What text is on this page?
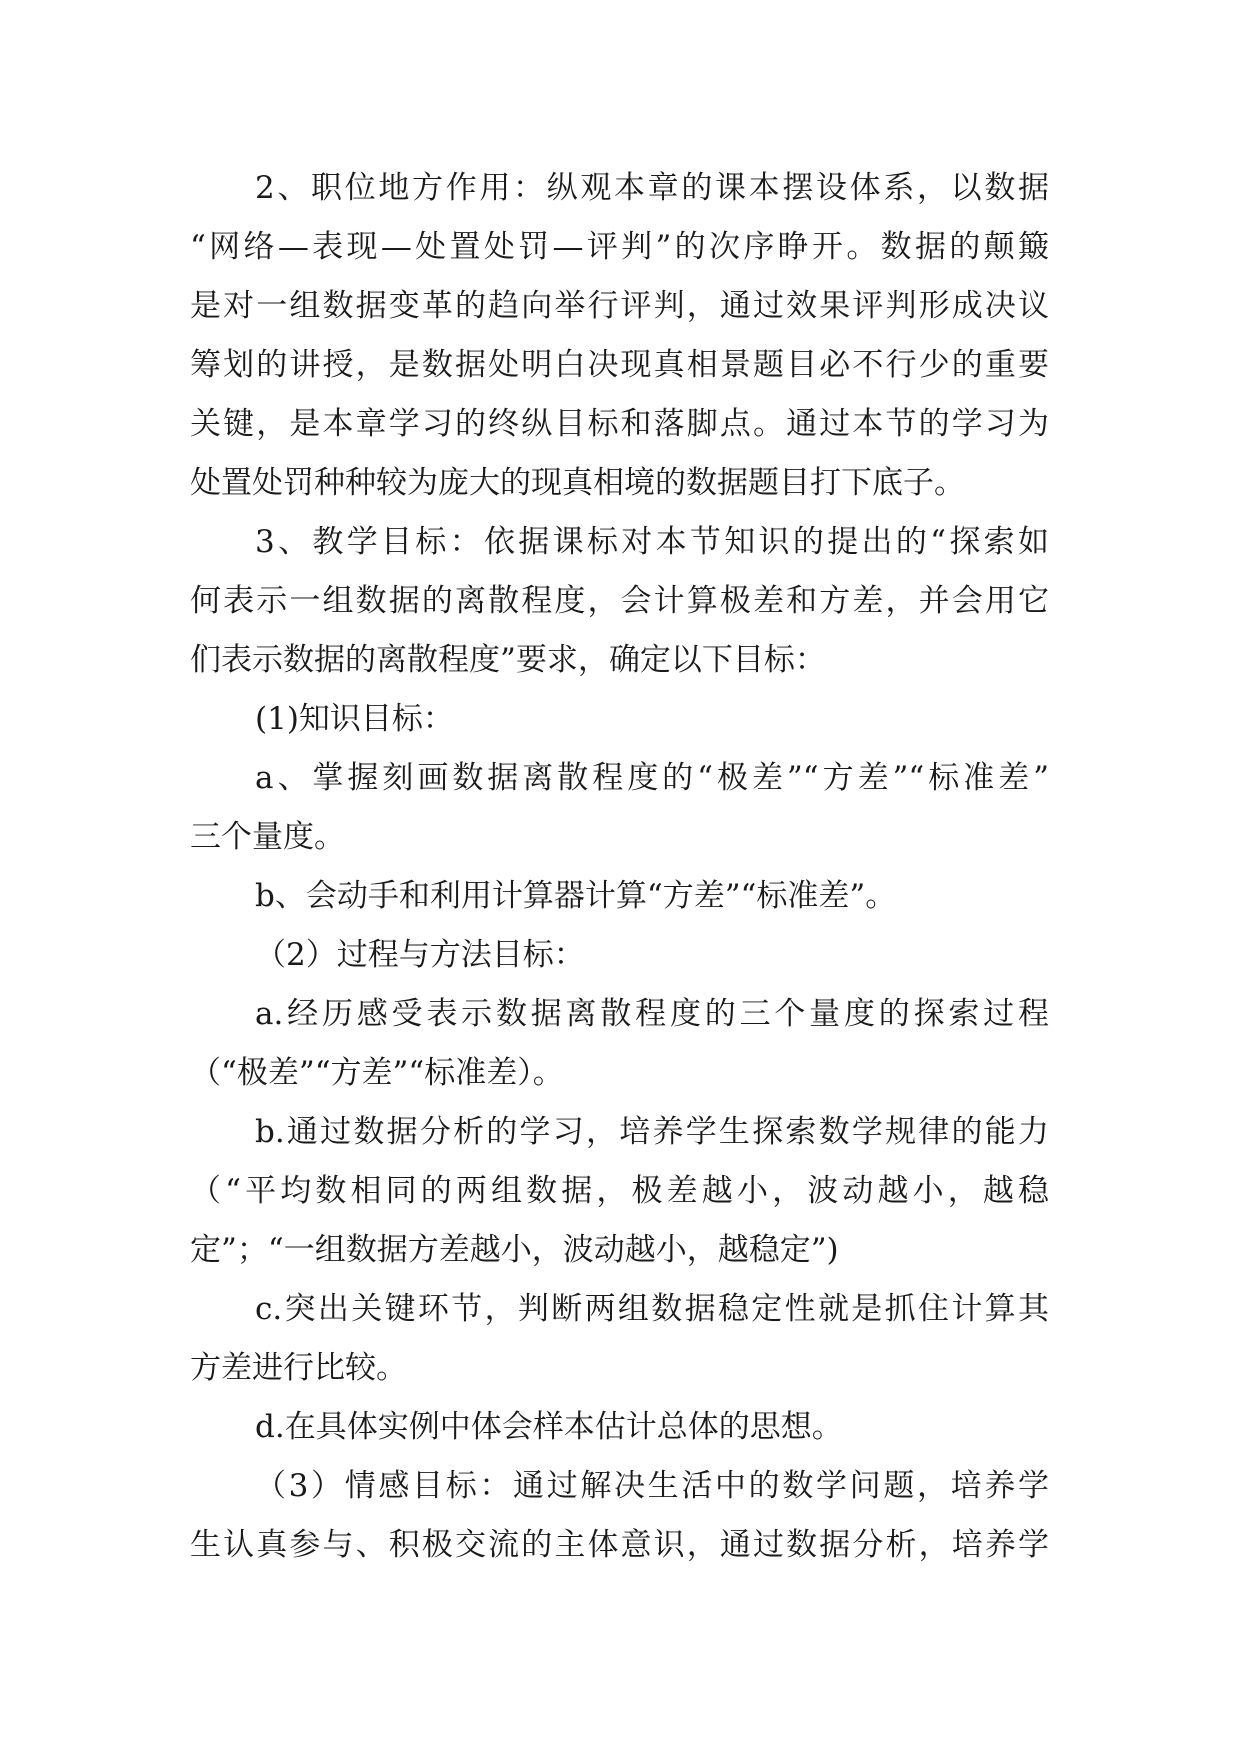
2、职位地方作用：纵观本章的课本摆设体系，以数据
“网络—表现—处置处罚—评判”的次序睁开。数据的颠簸
是对一组数据变革的趋向举行评判，通过效果评判形成决议
筹划的讲授，是数据处明白决现真相景题目必不行少的重要
关键，是本章学习的终纵目标和落脚点。通过本节的学习为
处置处罚种种较为庞大的现真相境的数据题目打下底子。
3、教学目标：依据课标对本节知识的提出的“探索如
何表示一组数据的离散程度，会计算极差和方差，并会用它
们表示数据的离散程度”要求，确定以下目标：
(1)知识目标：
a、掌握刻画数据离散程度的“极差”“方差”“标准差”
三个量度。
b、会动手和利用计算器计算“方差”“标准差”。
（2）过程与方法目标：
a.经历感受表示数据离散程度的三个量度的探索过程
（“极差”“方差”“标准差）。
b.通过数据分析的学习，培养学生探索数学规律的能力
（“平均数相同的两组数据，极差越小，波动越小，越稳
定”；“一组数据方差越小，波动越小，越稳定”)
c.突出关键环节，判断两组数据稳定性就是抓住计算其
方差进行比较。
d.在具体实例中体会样本估计总体的思想。
（3）情感目标：通过解决生活中的数学问题，培养学
生认真参与、积极交流的主体意识，通过数据分析，培养学
